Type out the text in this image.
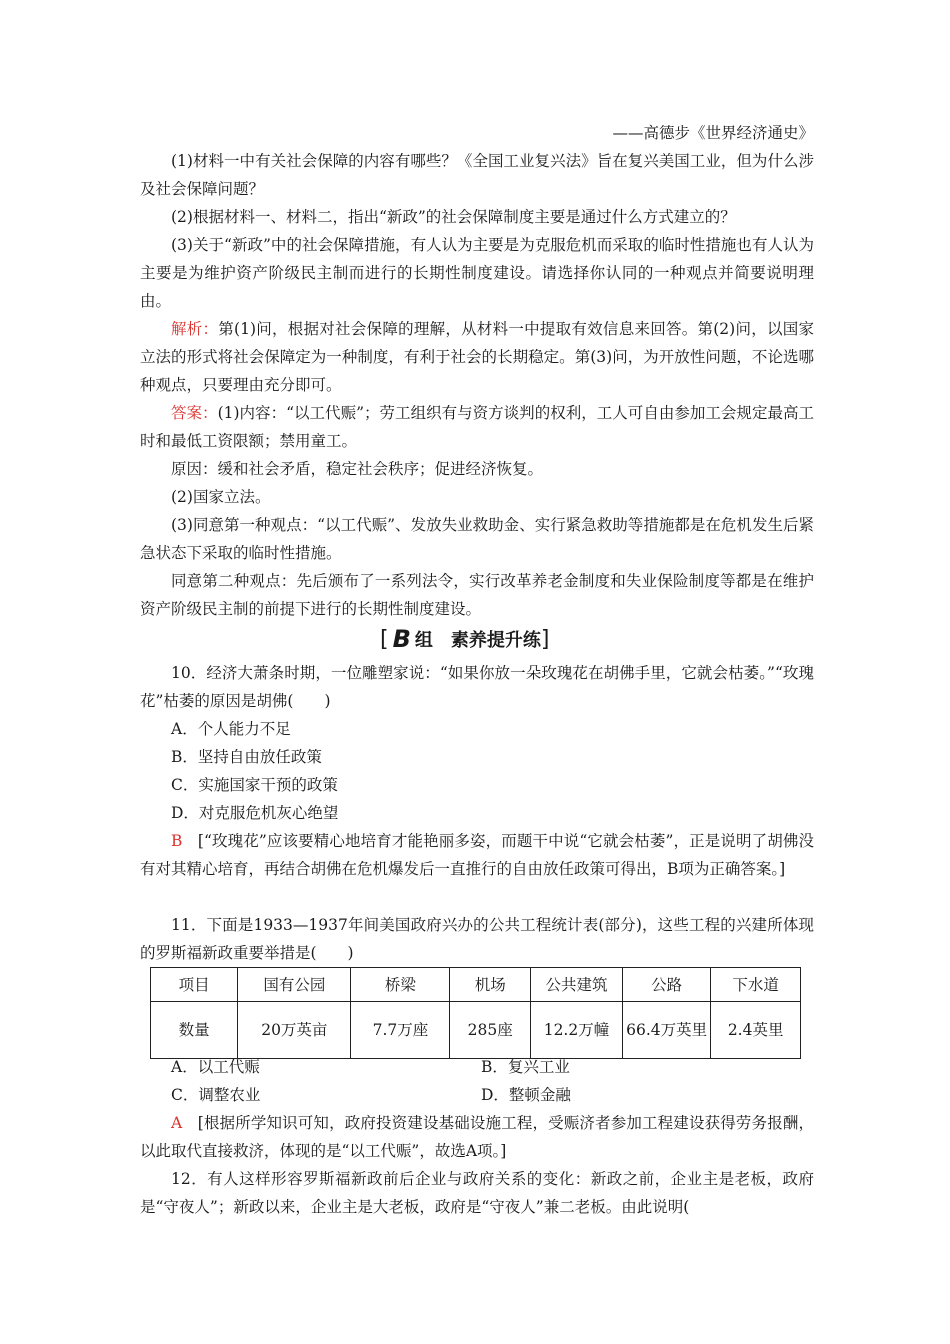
——高德步《世界经济通史》

(1)材料一中有关社会保障的内容有哪些？《全国工业复兴法》旨在复兴美国工业，但为什么涉及社会保障问题？

(2)根据材料一、材料二，指出“新政”的社会保障制度主要是通过什么方式建立的？

(3)关于“新政”中的社会保障措施，有人认为主要是为克服危机而采取的临时性措施也有人认为主要是为维护资产阶级民主制而进行的长期性制度建设。请选择你认同的一种观点并简要说明理由。

解析：第(1)问，根据对社会保障的理解，从材料一中提取有效信息来回答。第(2)问，以国家立法的形式将社会保障定为一种制度，有利于社会的长期稳定。第(3)问，为开放性问题，不论选哪种观点，只要理由充分即可。

答案：(1)内容：“以工代赈”；劳工组织有与资方谈判的权利，工人可自由参加工会规定最高工时和最低工资限额；禁用童工。

原因：缓和社会矛盾，稳定社会秩序；促进经济恢复。

(2)国家立法。

(3)同意第一种观点：“以工代赈”、发放失业救助金、实行紧急救助等措施都是在危机发生后紧急状态下采取的临时性措施。

同意第二种观点：先后颁布了一系列法令，实行改革养老金制度和失业保险制度等都是在维护资产阶级民主制的前提下进行的长期性制度建设。

[ B 组 素养提升练 ]

10．经济大萧条时期，一位雕塑家说：“如果你放一朵玫瑰花在胡佛手里，它就会枯萎。”“玫瑰花”枯萎的原因是胡佛(　　)

A．个人能力不足

B．坚持自由放任政策

C．实施国家干预的政策

D．对克服危机灰心绝望

B  [“玫瑰花”应该要精心地培育才能艳丽多姿，而题干中说“它就会枯萎”，正是说明了胡佛没有对其精心培育，再结合胡佛在危机爆发后一直推行的自由放任政策可得出，B项为正确答案。]

11．下面是1933—1937年间美国政府兴办的公共工程统计表(部分)，这些工程的兴建所体现的罗斯福新政重要举措是(　　)

项目	国有公园	桥梁	机场	公共建筑	公路	下水道
数量	20万英亩	7.7万座	285座	12.2万幢	66.4万英里	2.4英里
A．以工代赈	B．复兴工业
C．调整农业	D．整顿金融

A  [根据所学知识可知，政府投资建设基础设施工程，受赈济者参加工程建设获得劳务报酬，以此取代直接救济，体现的是“以工代赈”，故选A项。]

12．有人这样形容罗斯福新政前后企业与政府关系的变化：新政之前，企业主是老板，政府是“守夜人”；新政以来，企业主是大老板，政府是“守夜人”兼二老板。由此说明(
